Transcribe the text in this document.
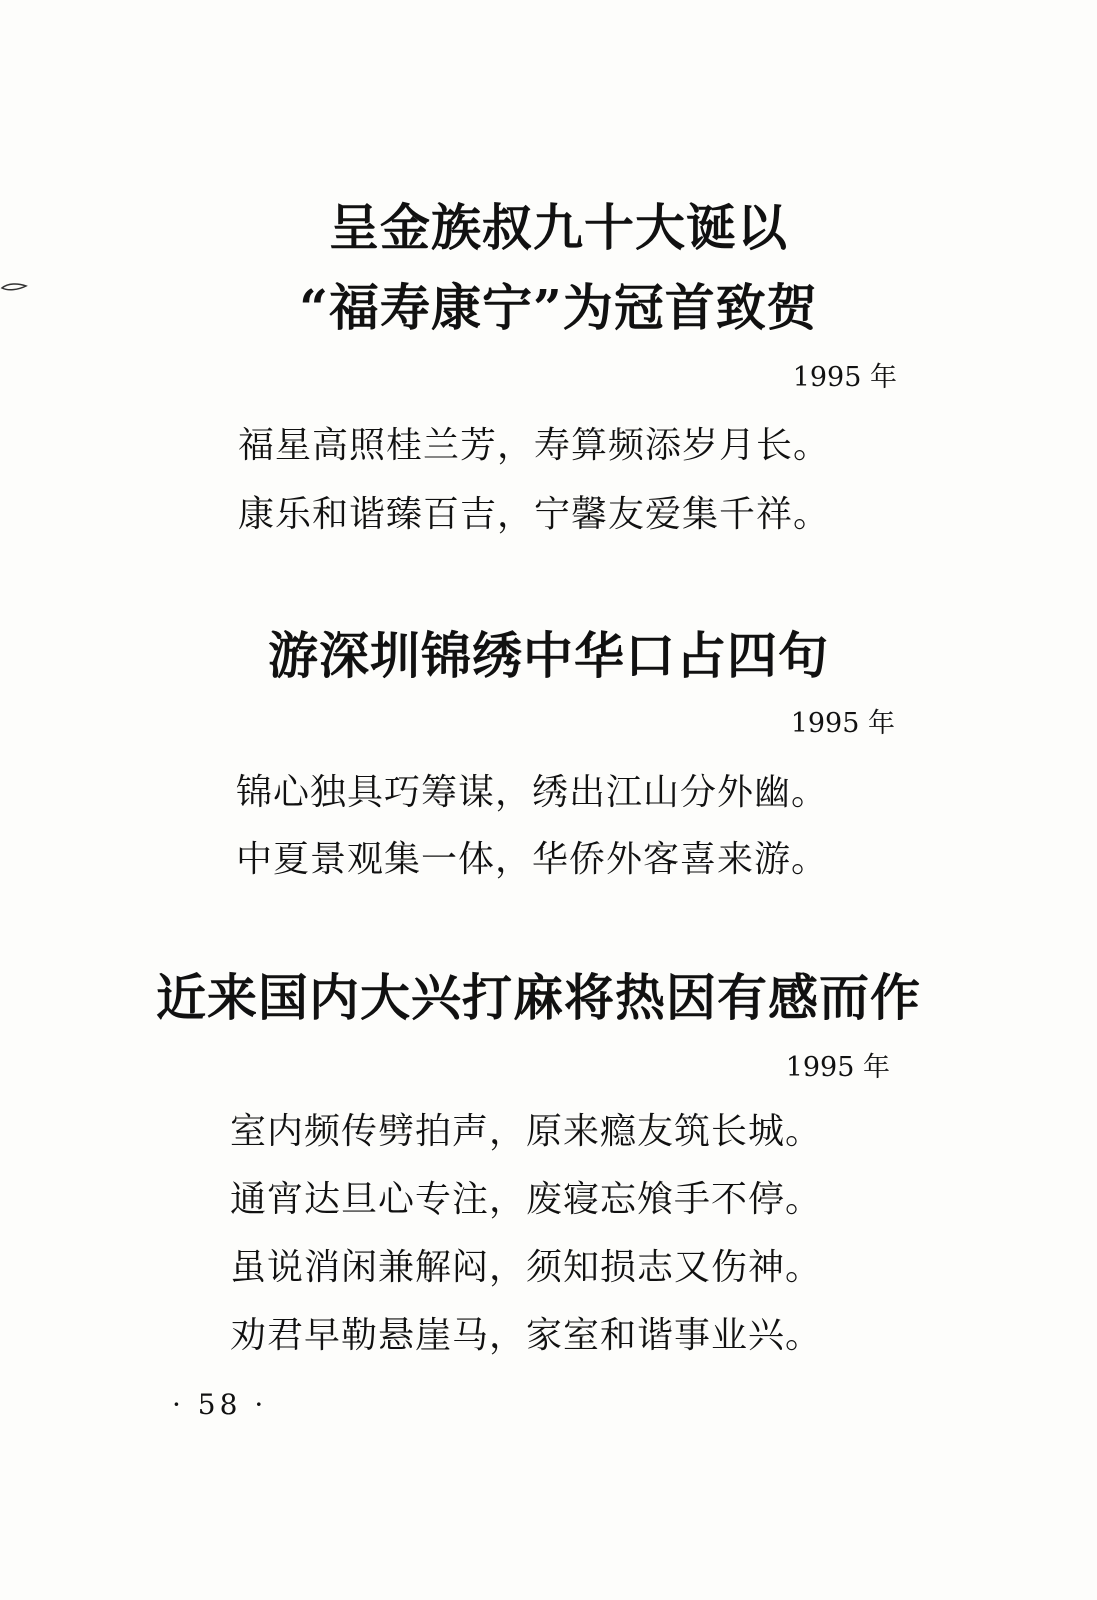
呈金族叔九十大诞以
“福寿康宁”为冠首致贺
1995 年
福星高照桂兰芳，寿算频添岁月长。
康乐和谐臻百吉，宁馨友爱集千祥。
游深圳锦绣中华口占四句
1995 年
锦心独具巧筹谋，绣出江山分外幽。
中夏景观集一体，华侨外客喜来游。
近来国内大兴打麻将热因有感而作
1995 年
室内频传劈拍声，原来瘾友筑长城。
通宵达旦心专注，废寝忘飧手不停。
虽说消闲兼解闷，须知损志又伤神。
劝君早勒悬崖马，家室和谐事业兴。
· 58 ·
